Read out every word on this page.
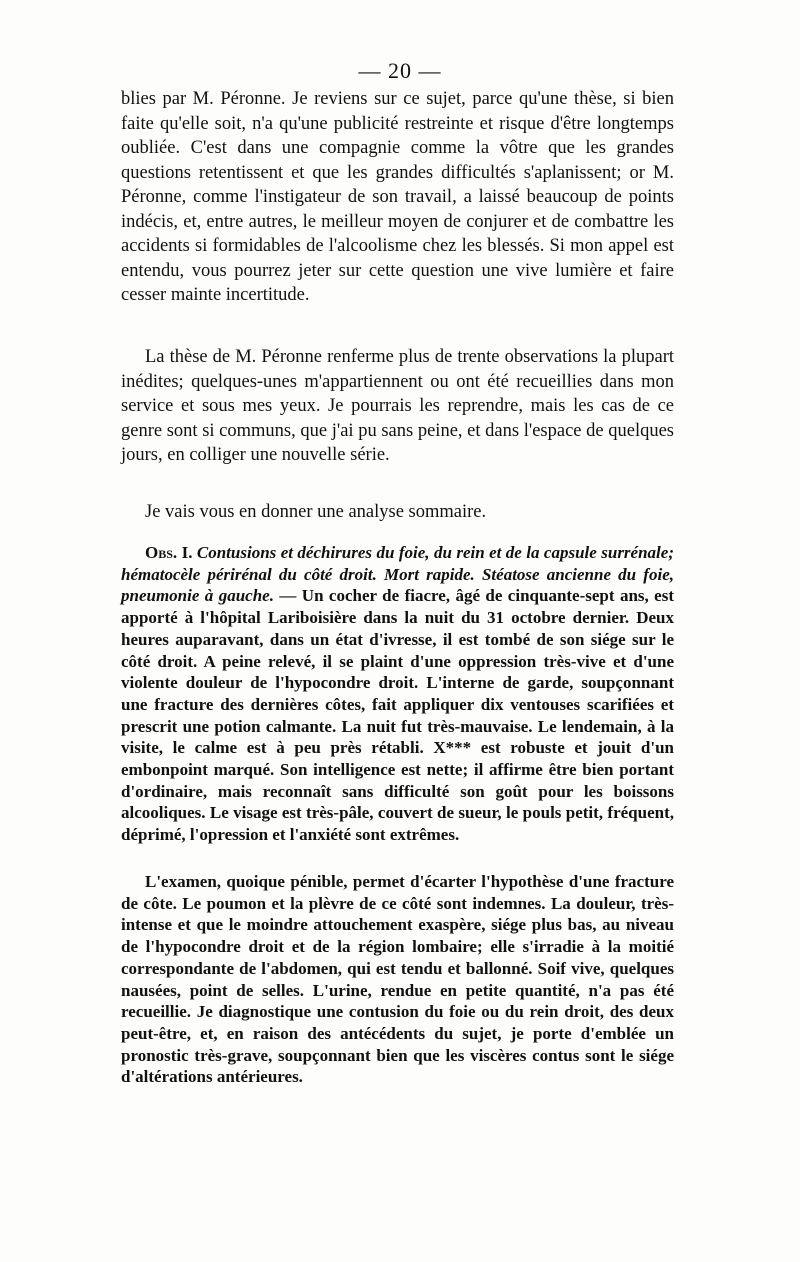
— 20 —

blies par M. Péronne. Je reviens sur ce sujet, parce qu'une thèse, si bien faite qu'elle soit, n'a qu'une publicité restreinte et risque d'être longtemps oubliée. C'est dans une compagnie comme la vôtre que les grandes questions retentissent et que les grandes difficultés s'aplanissent; or M. Péronne, comme l'instigateur de son travail, a laissé beaucoup de points indécis, et, entre autres, le meilleur moyen de conjurer et de combattre les accidents si formidables de l'alcoolisme chez les blessés. Si mon appel est entendu, vous pourrez jeter sur cette question une vive lumière et faire cesser mainte incertitude.

La thèse de M. Péronne renferme plus de trente observations la plupart inédites; quelques-unes m'appartiennent ou ont été recueillies dans mon service et sous mes yeux. Je pourrais les reprendre, mais les cas de ce genre sont si communs, que j'ai pu sans peine, et dans l'espace de quelques jours, en colliger une nouvelle série.

Je vais vous en donner une analyse sommaire.

Obs. I. Contusions et déchirures du foie, du rein et de la capsule surrénale; hématocèle périrénal du côté droit. Mort rapide. Stéatose ancienne du foie, pneumonie à gauche. — Un cocher de fiacre, âgé de cinquante-sept ans, est apporté à l'hôpital Lariboisière dans la nuit du 31 octobre dernier. Deux heures auparavant, dans un état d'ivresse, il est tombé de son siége sur le côté droit. A peine relevé, il se plaint d'une oppression très-vive et d'une violente douleur de l'hypocondre droit. L'interne de garde, soupçonnant une fracture des dernières côtes, fait appliquer dix ventouses scarifiées et prescrit une potion calmante. La nuit fut très-mauvaise. Le lendemain, à la visite, le calme est à peu près rétabli. X*** est robuste et jouit d'un embonpoint marqué. Son intelligence est nette; il affirme être bien portant d'ordinaire, mais reconnaît sans difficulté son goût pour les boissons alcooliques. Le visage est très-pâle, couvert de sueur, le pouls petit, fréquent, déprimé, l'opression et l'anxiété sont extrêmes.

L'examen, quoique pénible, permet d'écarter l'hypothèse d'une fracture de côte. Le poumon et la plèvre de ce côté sont indemnes. La douleur, très-intense et que le moindre attouchement exaspère, siége plus bas, au niveau de l'hypocondre droit et de la région lombaire; elle s'irradie à la moitié correspondante de l'abdomen, qui est tendu et ballonné. Soif vive, quelques nausées, point de selles. L'urine, rendue en petite quantité, n'a pas été recueillie. Je diagnostique une contusion du foie ou du rein droit, des deux peut-être, et, en raison des antécédents du sujet, je porte d'emblée un pronostic très-grave, soupçonnant bien que les viscères contus sont le siége d'altérations antérieures.
